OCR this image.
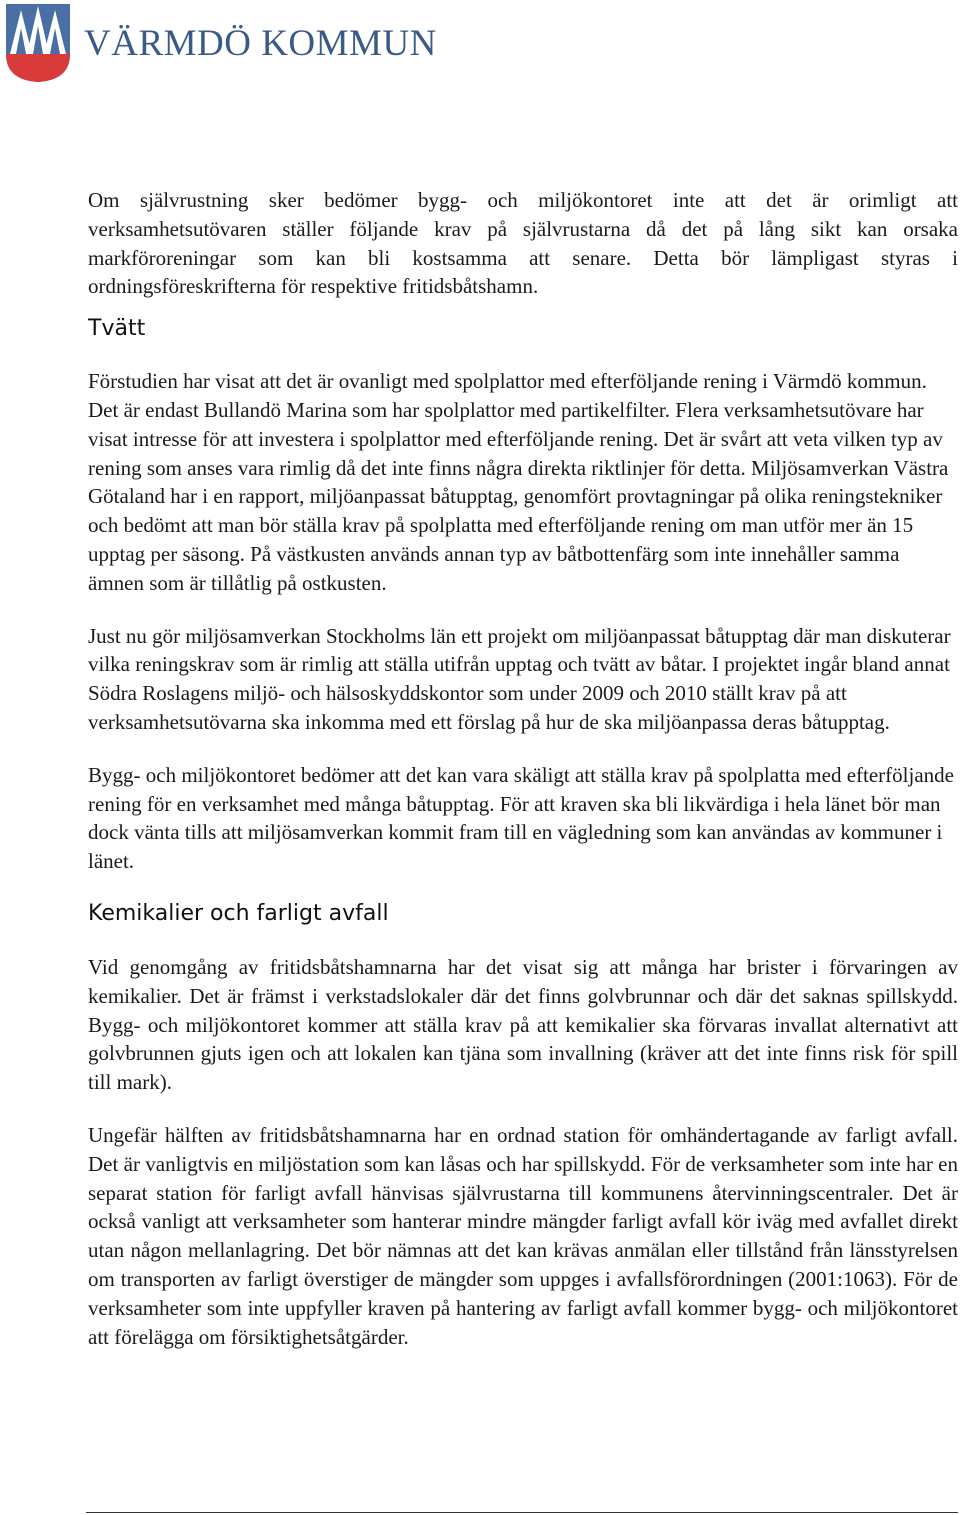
VÄRMDÖ KOMMUN

Om självrustning sker bedömer bygg- och miljökontoret inte att det är orimligt att verksamhetsutövaren ställer följande krav på självrustarna då det på lång sikt kan orsaka markföroreningar som kan bli kostsamma att senare. Detta bör lämpligast styras i ordningsföreskrifterna för respektive fritidsbåtshamn.

Tvätt

Förstudien har visat att det är ovanligt med spolplattor med efterföljande rening i Värmdö kommun. Det är endast Bullandö Marina som har spolplattor med partikelfilter. Flera verksamhetsutövare har visat intresse för att investera i spolplattor med efterföljande rening. Det är svårt att veta vilken typ av rening som anses vara rimlig då det inte finns några direkta riktlinjer för detta. Miljösamverkan Västra Götaland har i en rapport, miljöanpassat båtupptag, genomfört provtagningar på olika reningstekniker och bedömt att man bör ställa krav på spolplatta med efterföljande rening om man utför mer än 15 upptag per säsong. På västkusten används annan typ av båtbottenfärg som inte innehåller samma ämnen som är tillåtlig på ostkusten.

Just nu gör miljösamverkan Stockholms län ett projekt om miljöanpassat båtupptag där man diskuterar vilka reningskrav som är rimlig att ställa utifrån upptag och tvätt av båtar. I projektet ingår bland annat Södra Roslagens miljö- och hälsoskyddskontor som under 2009 och 2010 ställt krav på att verksamhetsutövarna ska inkomma med ett förslag på hur de ska miljöanpassa deras båtupptag.

Bygg- och miljökontoret bedömer att det kan vara skäligt att ställa krav på spolplatta med efterföljande rening för en verksamhet med många båtupptag. För att kraven ska bli likvärdiga i hela länet bör man dock vänta tills att miljösamverkan kommit fram till en vägledning som kan användas av kommuner i länet.

Kemikalier och farligt avfall

Vid genomgång av fritidsbåtshamnarna har det visat sig att många har brister i förvaringen av kemikalier. Det är främst i verkstadslokaler där det finns golvbrunnar och där det saknas spillskydd. Bygg- och miljökontoret kommer att ställa krav på att kemikalier ska förvaras invallat alternativt att golvbrunnen gjuts igen och att lokalen kan tjäna som invallning (kräver att det inte finns risk för spill till mark).

Ungefär hälften av fritidsbåtshamnarna har en ordnad station för omhändertagande av farligt avfall. Det är vanligtvis en miljöstation som kan låsas och har spillskydd. För de verksamheter som inte har en separat station för farligt avfall hänvisas självrustarna till kommunens återvinningscentraler. Det är också vanligt att verksamheter som hanterar mindre mängder farligt avfall kör iväg med avfallet direkt utan någon mellanlagring. Det bör nämnas att det kan krävas anmälan eller tillstånd från länsstyrelsen om transporten av farligt överstiger de mängder som uppges i avfallsförordningen (2001:1063). För de verksamheter som inte uppfyller kraven på hantering av farligt avfall kommer bygg- och miljökontoret att förelägga om försiktighetsåtgärder.
